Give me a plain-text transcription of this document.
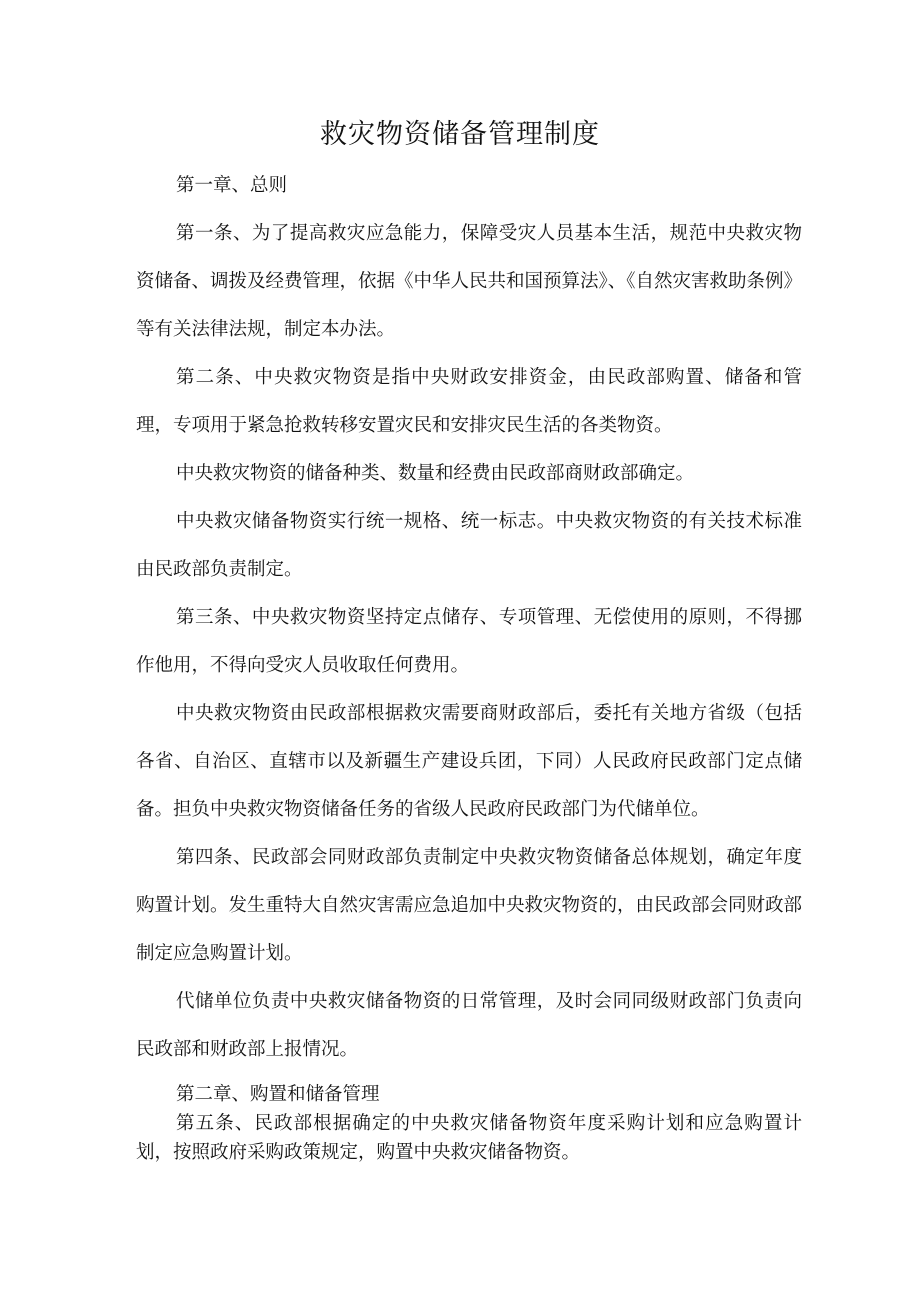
救灾物资储备管理制度

第一章、总则

第一条、为了提高救灾应急能力，保障受灾人员基本生活，规范中央救灾物资储备、调拨及经费管理，依据《中华人民共和国预算法》、《自然灾害救助条例》等有关法律法规，制定本办法。

第二条、中央救灾物资是指中央财政安排资金，由民政部购置、储备和管理，专项用于紧急抢救转移安置灾民和安排灾民生活的各类物资。

中央救灾物资的储备种类、数量和经费由民政部商财政部确定。

中央救灾储备物资实行统一规格、统一标志。中央救灾物资的有关技术标准由民政部负责制定。

第三条、中央救灾物资坚持定点储存、专项管理、无偿使用的原则，不得挪作他用，不得向受灾人员收取任何费用。

中央救灾物资由民政部根据救灾需要商财政部后，委托有关地方省级（包括各省、自治区、直辖市以及新疆生产建设兵团，下同）人民政府民政部门定点储备。担负中央救灾物资储备任务的省级人民政府民政部门为代储单位。

第四条、民政部会同财政部负责制定中央救灾物资储备总体规划，确定年度购置计划。发生重特大自然灾害需应急追加中央救灾物资的，由民政部会同财政部制定应急购置计划。

代储单位负责中央救灾储备物资的日常管理，及时会同同级财政部门负责向民政部和财政部上报情况。

第二章、购置和储备管理

第五条、民政部根据确定的中央救灾储备物资年度采购计划和应急购置计划，按照政府采购政策规定，购置中央救灾储备物资。
